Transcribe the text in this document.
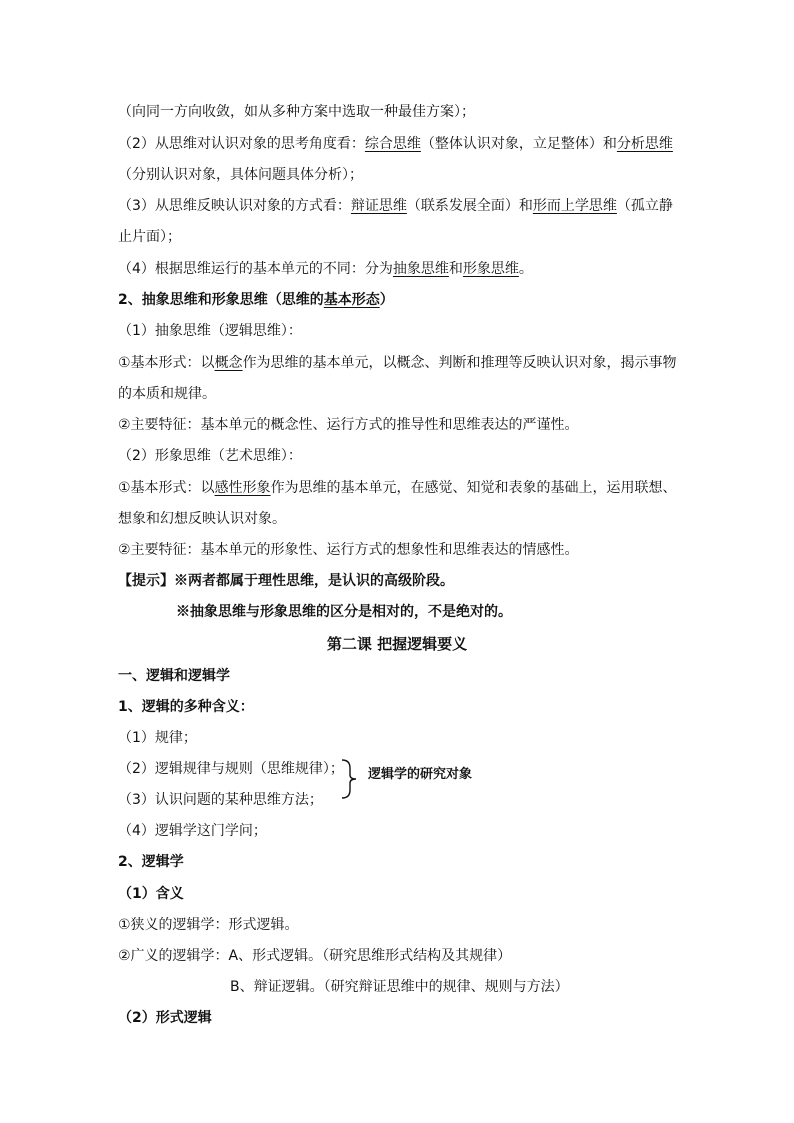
（向同一方向收敛，如从多种方案中选取一种最佳方案）；
（2）从思维对认识对象的思考角度看：综合思维（整体认识对象，立足整体）和分析思维
（分别认识对象，具体问题具体分析）；
（3）从思维反映认识对象的方式看：辩证思维（联系发展全面）和形而上学思维（孤立静
止片面）；
（4）根据思维运行的基本单元的不同：分为抽象思维和形象思维。
2、抽象思维和形象思维（思维的基本形态）
（1）抽象思维（逻辑思维）：
①基本形式：以概念作为思维的基本单元，以概念、判断和推理等反映认识对象，揭示事物
的本质和规律。
②主要特征：基本单元的概念性、运行方式的推导性和思维表达的严谨性。
（2）形象思维（艺术思维）：
①基本形式：以感性形象作为思维的基本单元，在感觉、知觉和表象的基础上，运用联想、
想象和幻想反映认识对象。
②主要特征：基本单元的形象性、运行方式的想象性和思维表达的情感性。
【提示】※两者都属于理性思维，是认识的高级阶段。
※抽象思维与形象思维的区分是相对的，不是绝对的。
第二课 把握逻辑要义
一、逻辑和逻辑学
1、逻辑的多种含义：
（1）规律；
（2）逻辑规律与规则（思维规律）； 逻辑学的研究对象
（3）认识问题的某种思维方法；
（4）逻辑学这门学问；
2、逻辑学
（1）含义
①狭义的逻辑学：形式逻辑。
②广义的逻辑学：A、形式逻辑。（研究思维形式结构及其规律）
B、辩证逻辑。（研究辩证思维中的规律、规则与方法）
（2）形式逻辑
